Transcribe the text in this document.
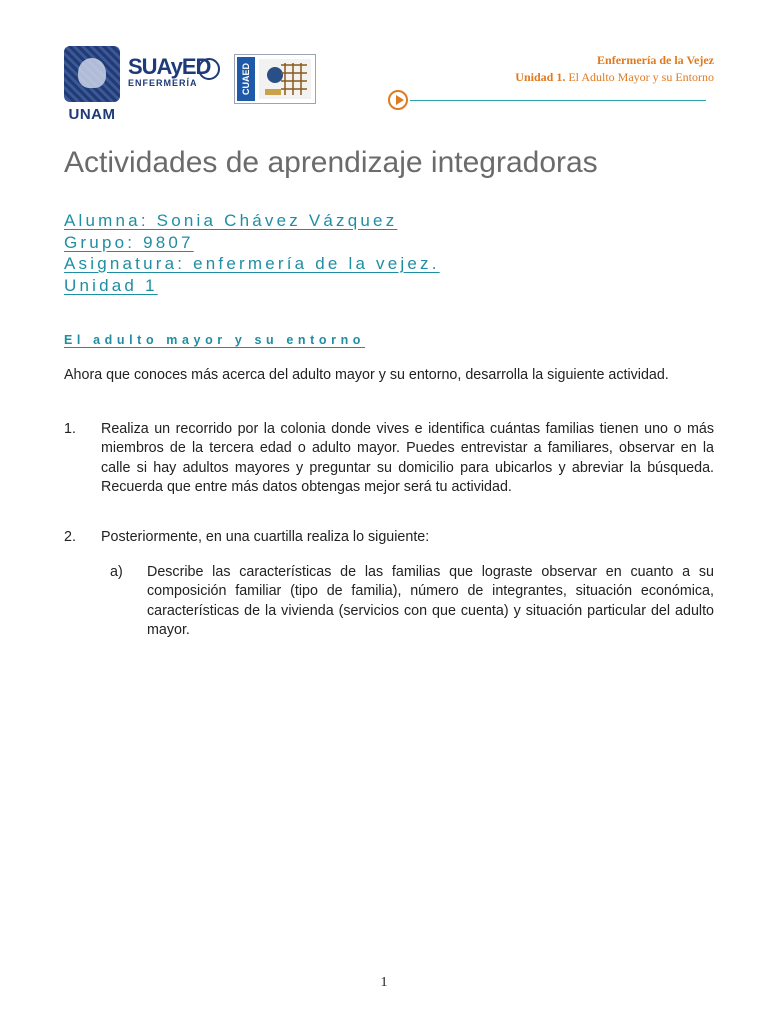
UNAM
SUAyED
ENFERMERÍA	CUAED
Enfermería de la Vejez
Unidad 1. El Adulto Mayor y su Entorno
Actividades de aprendizaje integradoras
Alumna: Sonia Chávez Vázquez
Grupo: 9807
Asignatura: enfermería de la vejez.
Unidad 1
El adulto mayor y su entorno
Ahora que conoces más acerca del adulto mayor y su entorno, desarrolla la siguiente actividad.
1. Realiza un recorrido por la colonia donde vives e identifica cuántas familias tienen uno o más miembros de la tercera edad o adulto mayor. Puedes entrevistar a familiares, observar en la calle si hay adultos mayores y preguntar su domicilio para ubicarlos y abreviar la búsqueda. Recuerda que entre más datos obtengas mejor será tu actividad.
2. Posteriormente, en una cuartilla realiza lo siguiente:
a) Describe las características de las familias que lograste observar en cuanto a su composición familiar (tipo de familia), número de integrantes, situación económica, características de la vivienda (servicios con que cuenta) y situación particular del adulto mayor.
1
